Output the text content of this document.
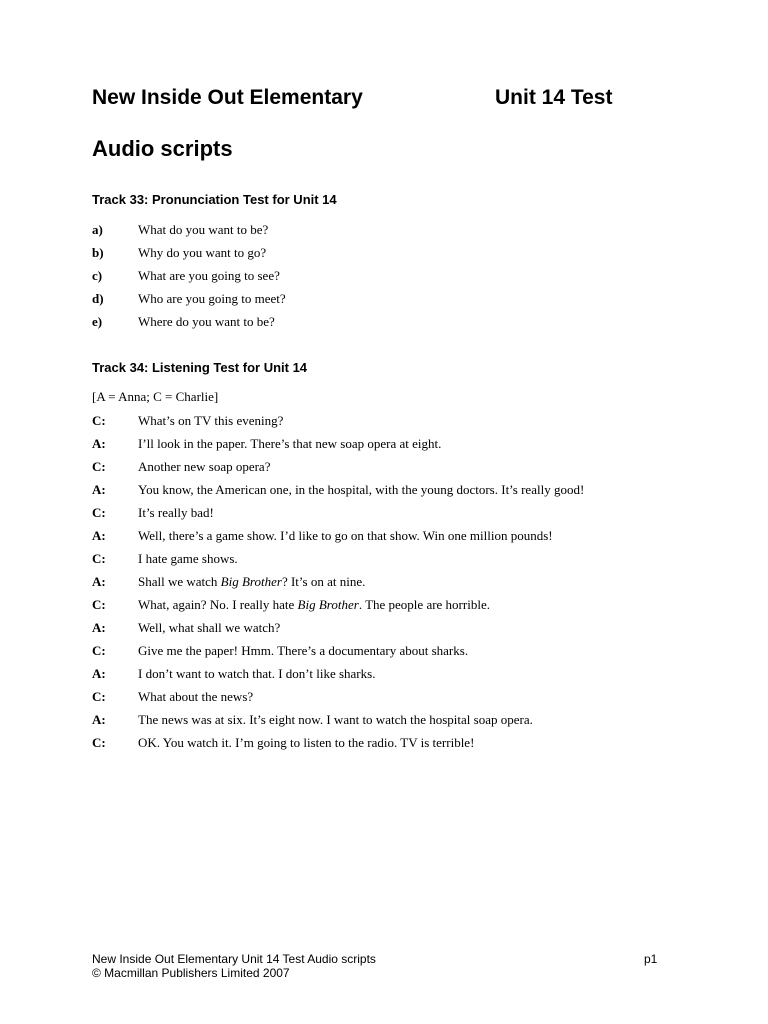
New Inside Out Elementary	Unit 14 Test
Audio scripts
Track 33: Pronunciation Test for Unit 14
a)	What do you want to be?
b)	Why do you want to go?
c)	What are you going to see?
d)	Who are you going to meet?
e)	Where do you want to be?
Track 34: Listening Test for Unit 14
[A = Anna; C = Charlie]
C: What’s on TV this evening?
A: I’ll look in the paper. There’s that new soap opera at eight.
C: Another new soap opera?
A: You know, the American one, in the hospital, with the young doctors. It’s really good!
C: It’s really bad!
A: Well, there’s a game show. I’d like to go on that show. Win one million pounds!
C: I hate game shows.
A: Shall we watch Big Brother? It’s on at nine.
C: What, again? No. I really hate Big Brother. The people are horrible.
A: Well, what shall we watch?
C: Give me the paper! Hmm. There’s a documentary about sharks.
A: I don’t want to watch that. I don’t like sharks.
C: What about the news?
A: The news was at six. It’s eight now. I want to watch the hospital soap opera.
C: OK. You watch it. I’m going to listen to the radio. TV is terrible!
New Inside Out Elementary Unit 14 Test Audio scripts	p1
© Macmillan Publishers Limited 2007
